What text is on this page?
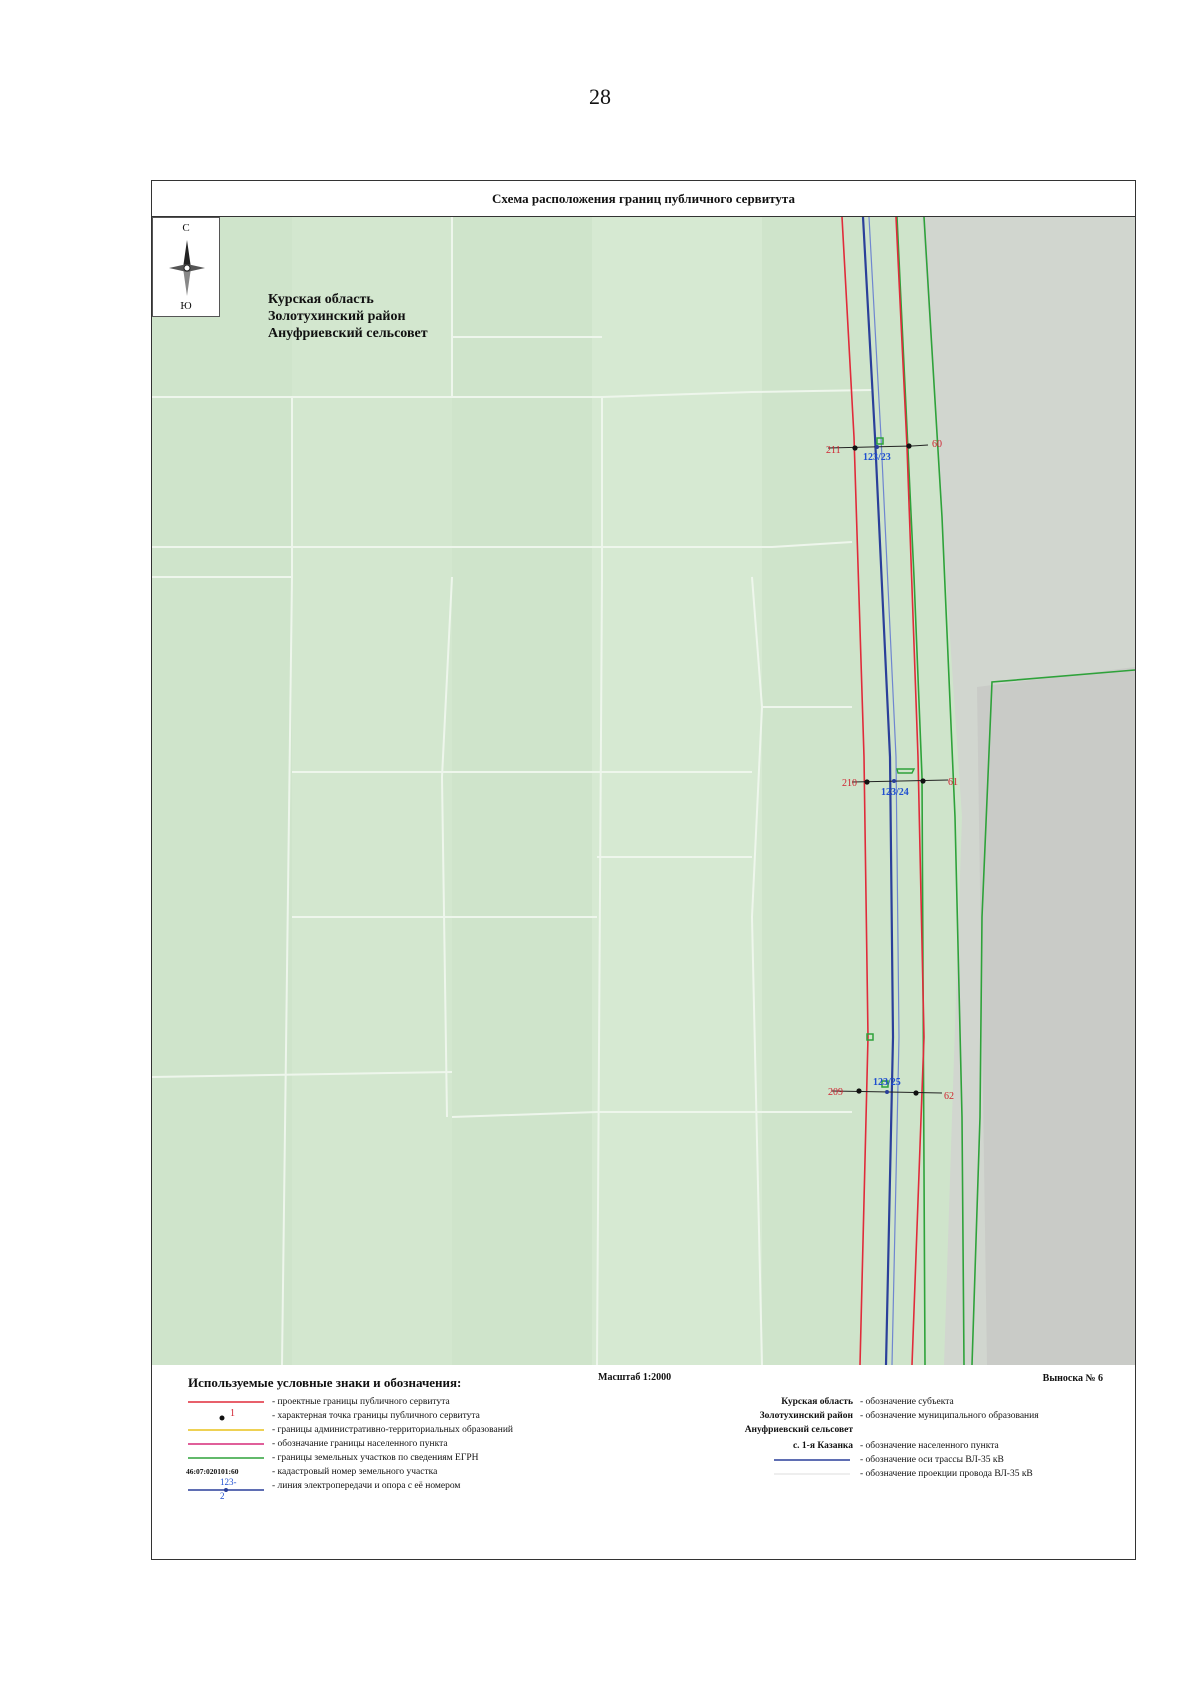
28
Схема расположения границ публичного сервитута
211
60
123/23
210	61
123/24
209	62
123/25
С
Ю	Курская область
Золотухинский район
Ануфриевский сельсовет
Используемые условные знаки и обозначения:	Масштаб 1:2000	Выноска № 6
- проектные границы публичного сервитута
1	- характерная точка границы публичного сервитута
- границы административно-территориальных образований
- обозначание границы населенного пункта
- границы земельных участков по сведениям ЕГРН
46:07:020101:60	- кадастровый номер земельного участка
123-2
- линия электропередачи и опора с её номером
Курская область - обозначение субъекта
Золотухинский район - обозначение муниципального образования
Ануфриевский сельсовет
с. 1-я Казанка - обозначение населенного пункта
- обозначение оси трассы ВЛ-35 кВ
- обозначение проекции провода ВЛ-35 кВ
